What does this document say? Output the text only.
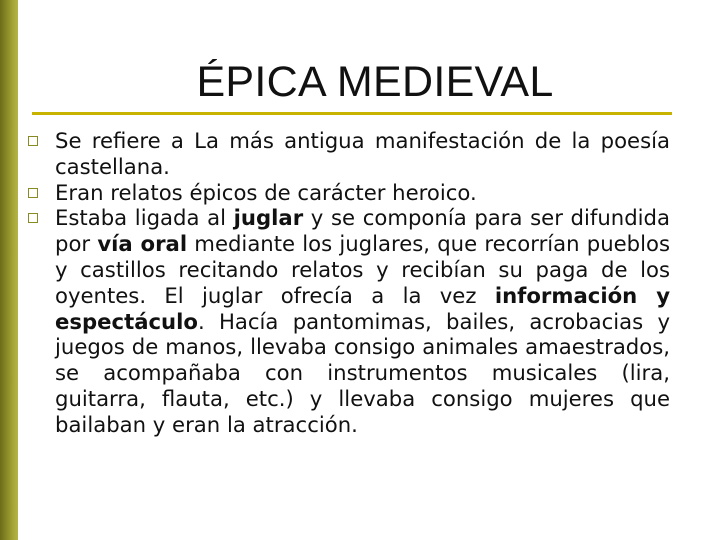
ÉPICA MEDIEVAL
Se refiere a La más antigua manifestación de la poesía castellana.
Eran relatos épicos de carácter heroico.
Estaba ligada al juglar y se componía para ser difundida por vía oral mediante los juglares, que recorrían pueblos y castillos recitando relatos y recibían su paga de los oyentes. El juglar ofrecía a la vez información y espectáculo. Hacía pantomimas, bailes, acrobacias y juegos de manos, llevaba consigo animales amaestrados, se acompañaba con instrumentos musicales (lira, guitarra, flauta, etc.) y llevaba consigo mujeres que bailaban y eran la atracción.
